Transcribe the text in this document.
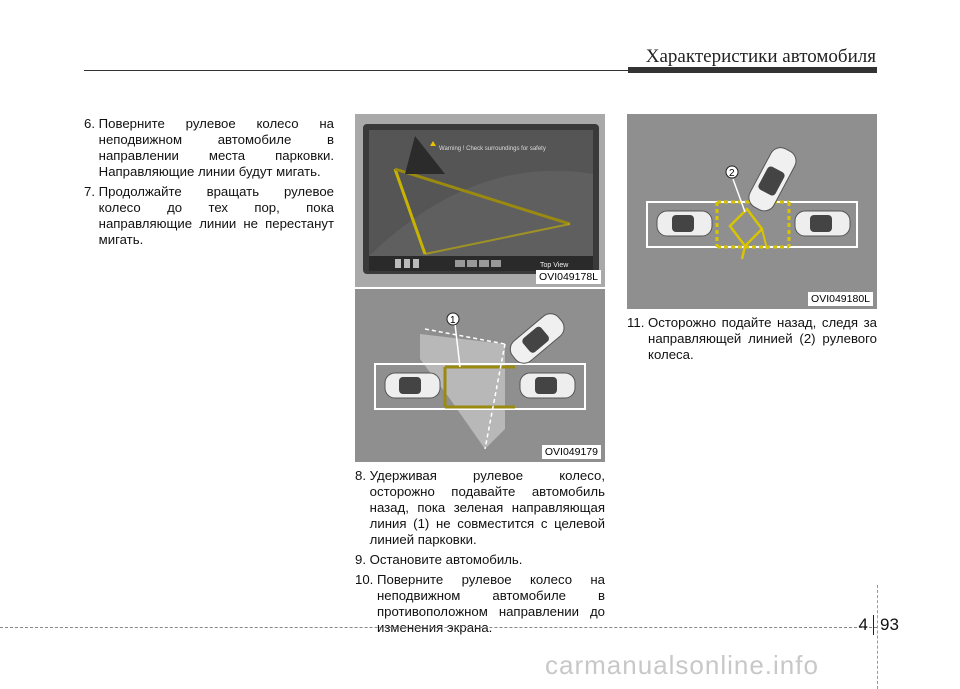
Характеристики автомобиля

6. Поверните рулевое колесо на неподвижном автомобиле в направлении места парковки. Направляющие линии будут мигать.

7. Продолжайте вращать рулевое колесо до тех пор, пока направляющие линии не перестанут мигать.

Warning ! Check surroundings for safety
Top View
OVI049178L
1
OVI049179
2
OVI049180L

8. Удерживая рулевое колесо, осторожно подавайте автомобиль назад, пока зеленая направляющая линия (1) не совместится с целевой линией парковки.

9. Остановите автомобиль.

10. Поверните рулевое колесо на неподвижном автомобиле в противоположном направлении до изменения экрана.

11. Осторожно подайте назад, следя за направляющей линией (2) рулевого колеса.

4 93
carmanualsonline.info
